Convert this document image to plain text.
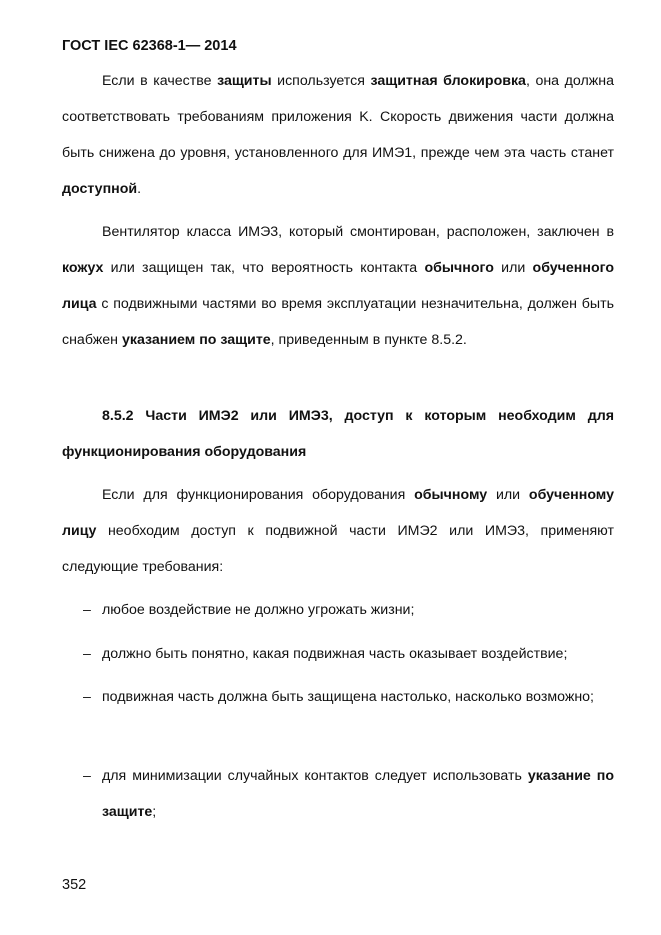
ГОСТ IEC 62368-1— 2014

Если в качестве защиты используется защитная блокировка, она должна соответствовать требованиям приложения K. Скорость движения части должна быть снижена до уровня, установленного для ИМЭ1, прежде чем эта часть станет доступной.

Вентилятор класса ИМЭ3, который смонтирован, расположен, заключен в кожух или защищен так, что вероятность контакта обычного или обученного лица с подвижными частями во время эксплуатации незначительна, должен быть снабжен указанием по защите, приведенным в пункте 8.5.2.

8.5.2 Части ИМЭ2 или ИМЭ3, доступ к которым необходим для функционирования оборудования

Если для функционирования оборудования обычному или обученному лицу необходим доступ к подвижной части ИМЭ2 или ИМЭ3, применяют следующие требования:

– любое воздействие не должно угрожать жизни;
– должно быть понятно, какая подвижная часть оказывает воздействие;
– подвижная часть должна быть защищена настолько, насколько возможно;
– для минимизации случайных контактов следует использовать указание по защите;
352
